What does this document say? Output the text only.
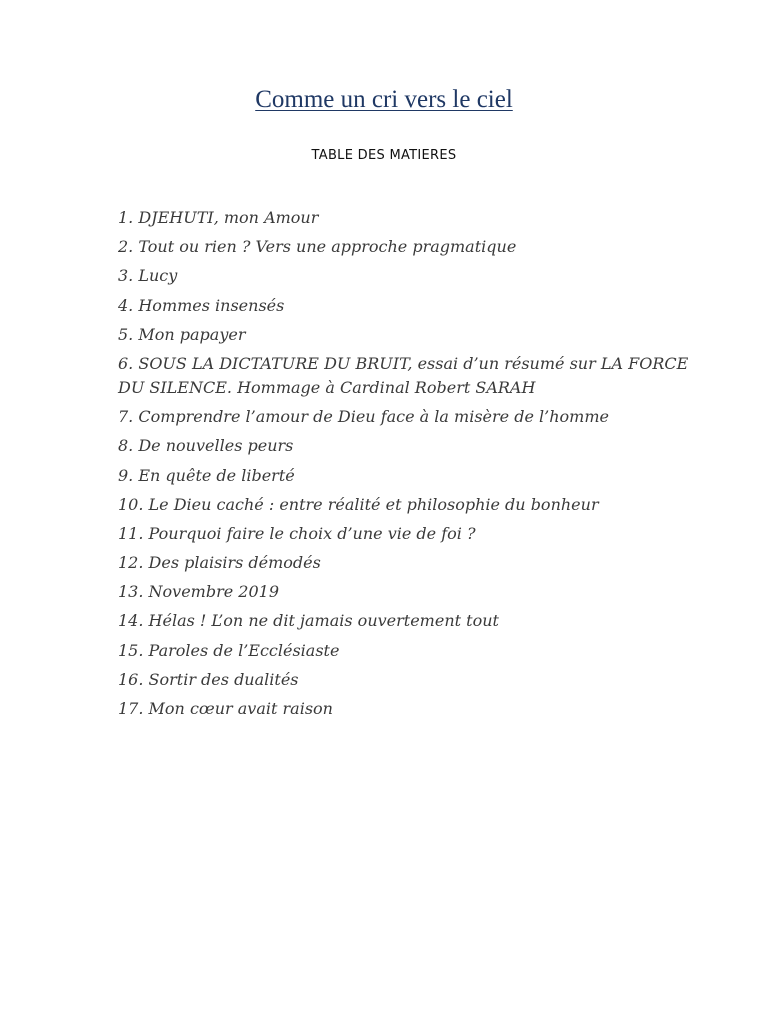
Comme un cri vers le ciel
TABLE DES MATIERES
1. DJEHUTI, mon Amour
2. Tout ou rien ? Vers une approche pragmatique
3. Lucy
4. Hommes insensés
5. Mon papayer
6. SOUS LA DICTATURE DU BRUIT, essai d’un résumé sur LA FORCE DU SILENCE. Hommage à Cardinal Robert SARAH
7. Comprendre l’amour de Dieu face à la misère de l’homme
8. De nouvelles peurs
9. En quête de liberté
10. Le Dieu caché : entre réalité et philosophie du bonheur
11. Pourquoi faire le choix d’une vie de foi ?
12. Des plaisirs démodés
13. Novembre 2019
14. Hélas ! L’on ne dit jamais ouvertement tout
15. Paroles de l’Ecclésiaste
16. Sortir des dualités
17. Mon cœur avait raison
